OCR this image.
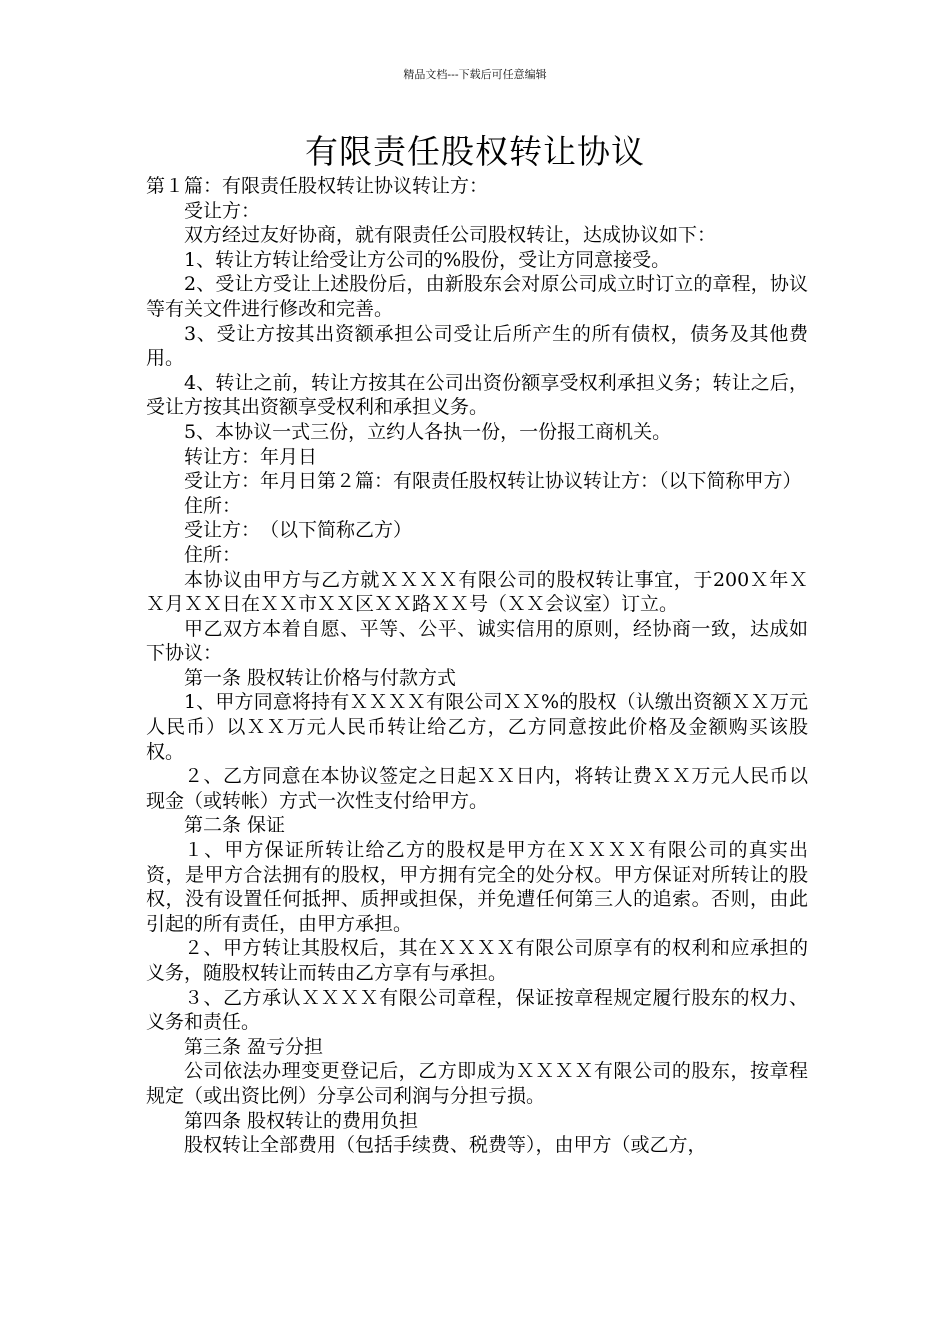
精品文档---下载后可任意编辑
有限责任股权转让协议

第１篇：有限责任股权转让协议转让方：

受让方：

双方经过友好协商，就有限责任公司股权转让，达成协议如下：

1、转让方转让给受让方公司的%股份，受让方同意接受。

2、受让方受让上述股份后，由新股东会对原公司成立时订立的章程，协议等有关文件进行修改和完善。

3、受让方按其出资额承担公司受让后所产生的所有债权，债务及其他费用。

4、转让之前，转让方按其在公司出资份额享受权利承担义务；转让之后，受让方按其出资额享受权利和承担义务。

5、本协议一式三份，立约人各执一份，一份报工商机关。

转让方：年月日

受让方：年月日第２篇：有限责任股权转让协议转让方：（以下简称甲方）

住所：

受让方：　（以下简称乙方）

住所：

本协议由甲方与乙方就ＸＸＸＸ有限公司的股权转让事宜，于200Ｘ年ＸＸ月ＸＸ日在ＸＸ市ＸＸ区ＸＸ路ＸＸ号（ＸＸ会议室）订立。

甲乙双方本着自愿、平等、公平、诚实信用的原则，经协商一致，达成如下协议：

第一条 股权转让价格与付款方式

1、甲方同意将持有ＸＸＸＸ有限公司ＸＸ%的股权（认缴出资额ＸＸ万元人民币）以ＸＸ万元人民币转让给乙方，乙方同意按此价格及金额购买该股权。

２、乙方同意在本协议签定之日起ＸＸ日内，将转让费ＸＸ万元人民币以现金（或转帐）方式一次性支付给甲方。

第二条 保证

１、甲方保证所转让给乙方的股权是甲方在ＸＸＸＸ有限公司的真实出资，是甲方合法拥有的股权，甲方拥有完全的处分权。甲方保证对所转让的股权，没有设置任何抵押、质押或担保，并免遭任何第三人的追索。否则，由此引起的所有责任，由甲方承担。

２、甲方转让其股权后，其在ＸＸＸＸ有限公司原享有的权利和应承担的义务，随股权转让而转由乙方享有与承担。

３、乙方承认ＸＸＸＸ有限公司章程，保证按章程规定履行股东的权力、义务和责任。

第三条 盈亏分担

公司依法办理变更登记后，乙方即成为ＸＸＸＸ有限公司的股东，按章程规定（或出资比例）分享公司利润与分担亏损。

第四条 股权转让的费用负担

股权转让全部费用（包括手续费、税费等），由甲方（或乙方，
